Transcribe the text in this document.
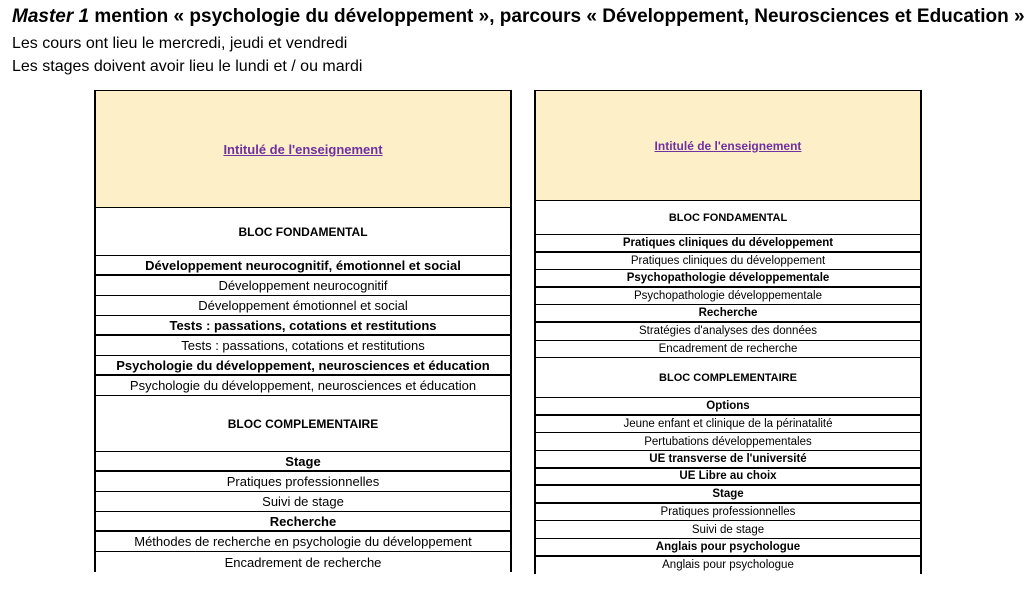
Master 1 mention « psychologie du développement », parcours « Développement, Neurosciences et Education »
Les cours ont lieu le mercredi, jeudi et vendredi
Les stages doivent avoir lieu le lundi et / ou mardi
Intitulé de l'enseignement
BLOC FONDAMENTAL
Développement neurocognitif, émotionnel et social
Développement neurocognitif
Développement émotionnel et social
Tests : passations, cotations et restitutions
Tests : passations, cotations et restitutions
Psychologie du développement, neurosciences et éducation
Psychologie du développement, neurosciences et éducation
BLOC COMPLEMENTAIRE
Stage
Pratiques professionnelles
Suivi de stage
Recherche
Méthodes de recherche en psychologie du développement
Encadrement de recherche
Intitulé de l'enseignement
BLOC FONDAMENTAL
Pratiques cliniques du développement
Pratiques cliniques du développement
Psychopathologie développementale
Psychopathologie développementale
Recherche
Stratégies d'analyses des données
Encadrement de recherche
BLOC COMPLEMENTAIRE
Options
Jeune enfant et clinique de la périnatalité
Pertubations développementales
UE transverse de l'université
UE Libre au choix
Stage
Pratiques professionnelles
Suivi de stage
Anglais pour psychologue
Anglais pour psychologue
